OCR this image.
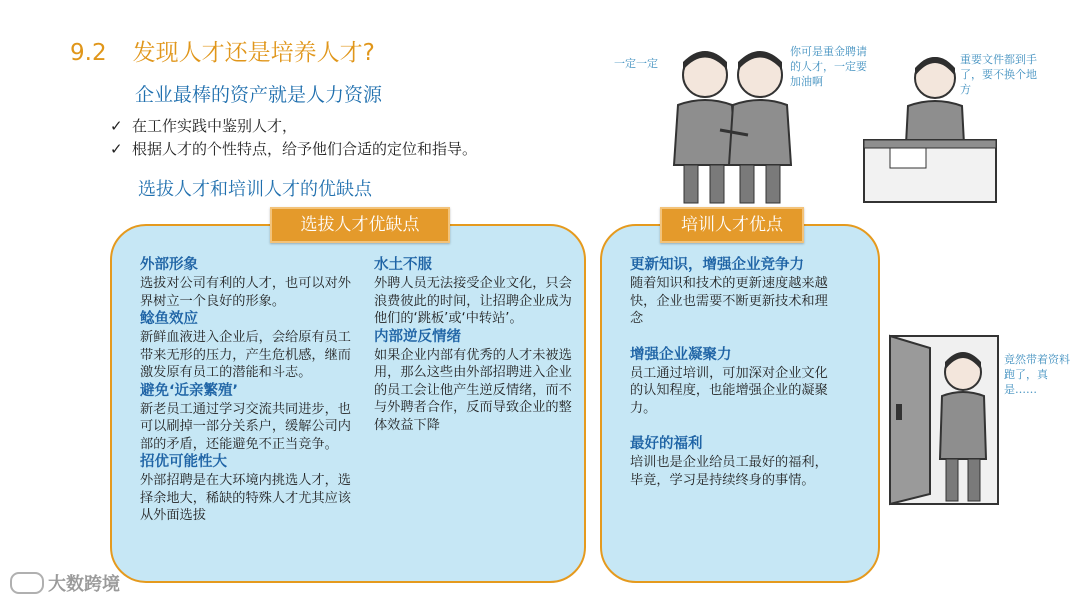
9.2 发现人才还是培养人才?
企业最棒的资产就是人力资源
✓ 在工作实践中鉴别人才，
✓ 根据人才的个性特点，给予他们合适的定位和指导。
选拔人才和培训人才的优缺点
选拔人才优缺点
外部形象

选拔对公司有利的人才，也可以对外界树立一个良好的形象。

鲶鱼效应

新鲜血液进入企业后，会给原有员工带来无形的压力，产生危机感，继而激发原有员工的潜能和斗志。

避免‘近亲繁殖’

新老员工通过学习交流共同进步，也可以刷掉一部分关系户，缓解公司内部的矛盾，还能避免不正当竞争。

招优可能性大

外部招聘是在大环境内挑选人才，选择余地大，稀缺的特殊人才尤其应该从外面选拔

水土不服

外聘人员无法接受企业文化，只会浪费彼此的时间，让招聘企业成为他们的‘跳板’或‘中转站’。

内部逆反情绪

如果企业内部有优秀的人才未被选用，那么这些由外部招聘进入企业的员工会让他产生逆反情绪，而不与外聘者合作，反而导致企业的整体效益下降

培训人才优点
更新知识，增强企业竞争力

随着知识和技术的更新速度越来越快，企业也需要不断更新技术和理念

增强企业凝聚力

员工通过培训，可加深对企业文化的认知程度，也能增强企业的凝聚力。

最好的福利

培训也是企业给员工最好的福利，毕竟，学习是持续终身的事情。

一定一定
你可是重金聘请的人才，一定要加油啊
重要文件都到手了，要不换个地方
竟然带着资料跑了，真是……
大数跨境
